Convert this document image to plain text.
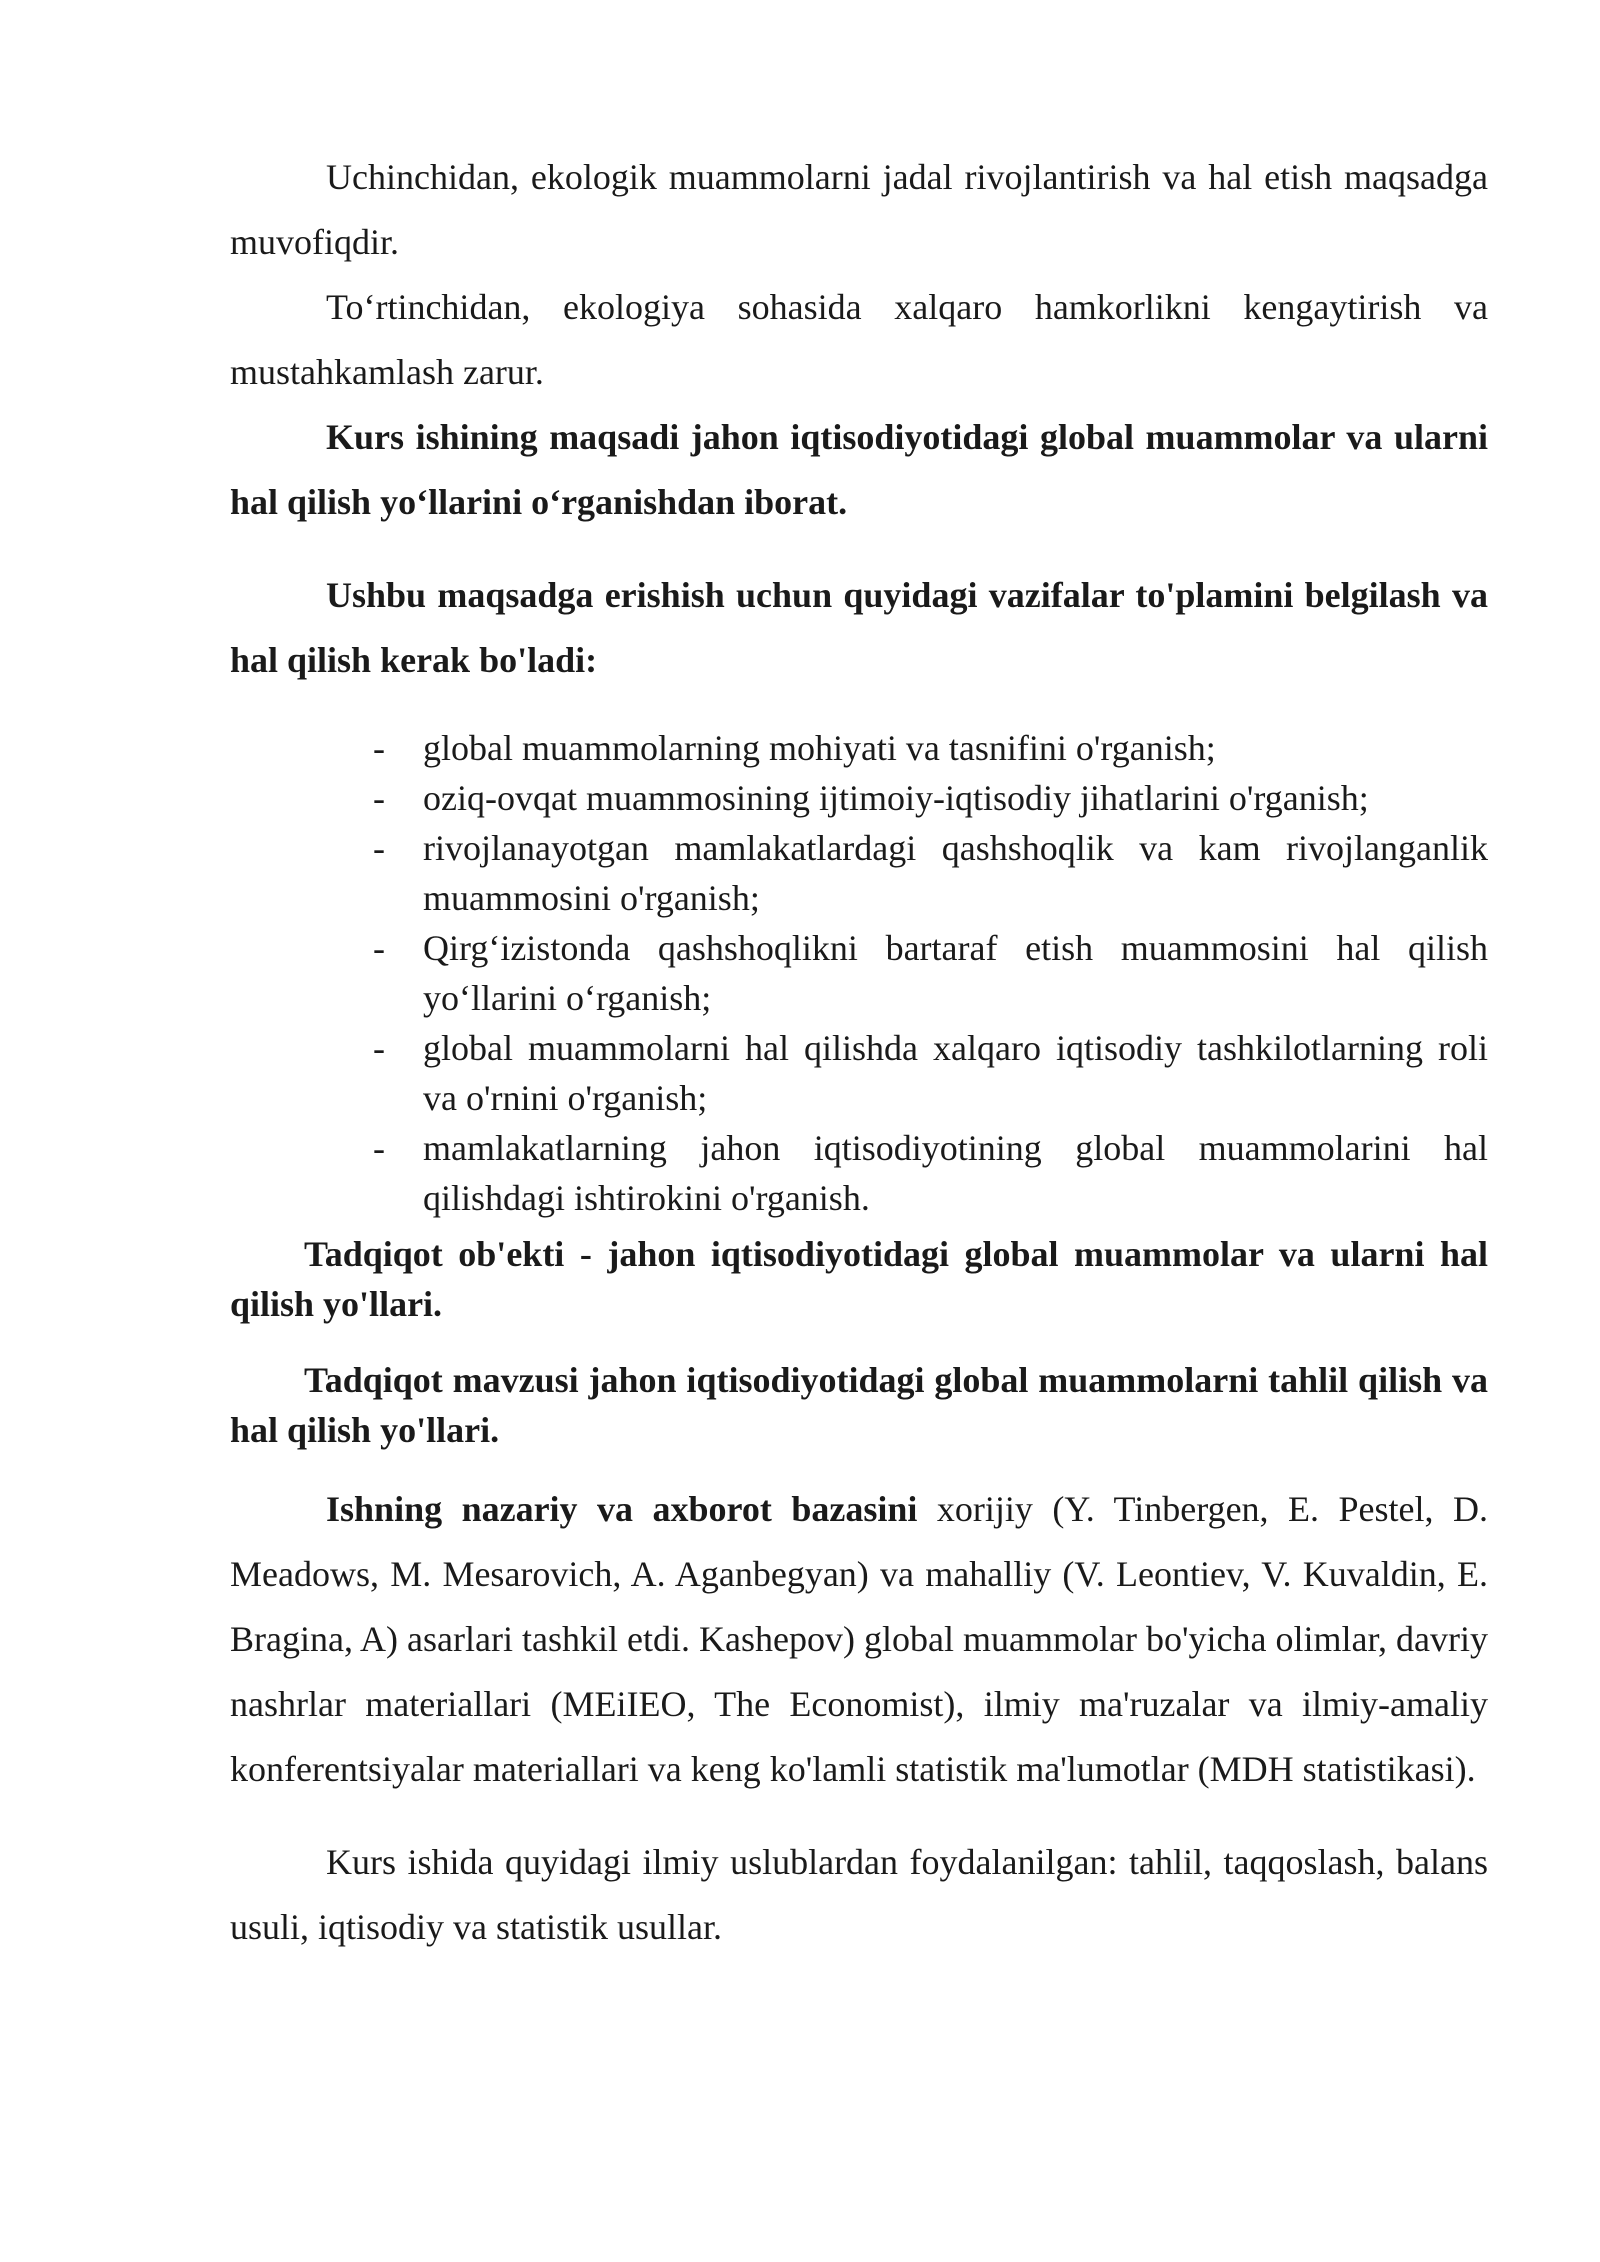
Uchinchidan, ekologik muammolarni jadal rivojlantirish va hal etish maqsadga muvofiqdir.

To‘rtinchidan, ekologiya sohasida xalqaro hamkorlikni kengaytirish va mustahkamlash zarur.

Kurs ishining maqsadi jahon iqtisodiyotidagi global muammolar va ularni hal qilish yo‘llarini o‘rganishdan iborat.

Ushbu maqsadga erishish uchun quyidagi vazifalar to'plamini belgilash va hal qilish kerak bo'ladi:

- global muammolarning mohiyati va tasnifini o'rganish;
- oziq-ovqat muammosining ijtimoiy-iqtisodiy jihatlarini o'rganish;
- rivojlanayotgan mamlakatlardagi qashshoqlik va kam rivojlanganlik muammosini o'rganish;
- Qirg‘izistonda qashshoqlikni bartaraf etish muammosini hal qilish yo‘llarini o‘rganish;
- global muammolarni hal qilishda xalqaro iqtisodiy tashkilotlarning roli va o'rnini o'rganish;
- mamlakatlarning jahon iqtisodiyotining global muammolarini hal qilishdagi ishtirokini o'rganish.

Tadqiqot ob'ekti - jahon iqtisodiyotidagi global muammolar va ularni hal qilish yo'llari.

Tadqiqot mavzusi jahon iqtisodiyotidagi global muammolarni tahlil qilish va hal qilish yo'llari.

Ishning nazariy va axborot bazasini xorijiy (Y. Tinbergen, E. Pestel, D. Meadows, M. Mesarovich, A. Aganbegyan) va mahalliy (V. Leontiev, V. Kuvaldin, E. Bragina, A) asarlari tashkil etdi. Kashepov) global muammolar bo'yicha olimlar, davriy nashrlar materiallari (MEiIEO, The Economist), ilmiy ma'ruzalar va ilmiy-amaliy konferentsiyalar materiallari va keng ko'lamli statistik ma'lumotlar (MDH statistikasi).

Kurs ishida quyidagi ilmiy uslublardan foydalanilgan: tahlil, taqqoslash, balans usuli, iqtisodiy va statistik usullar.
